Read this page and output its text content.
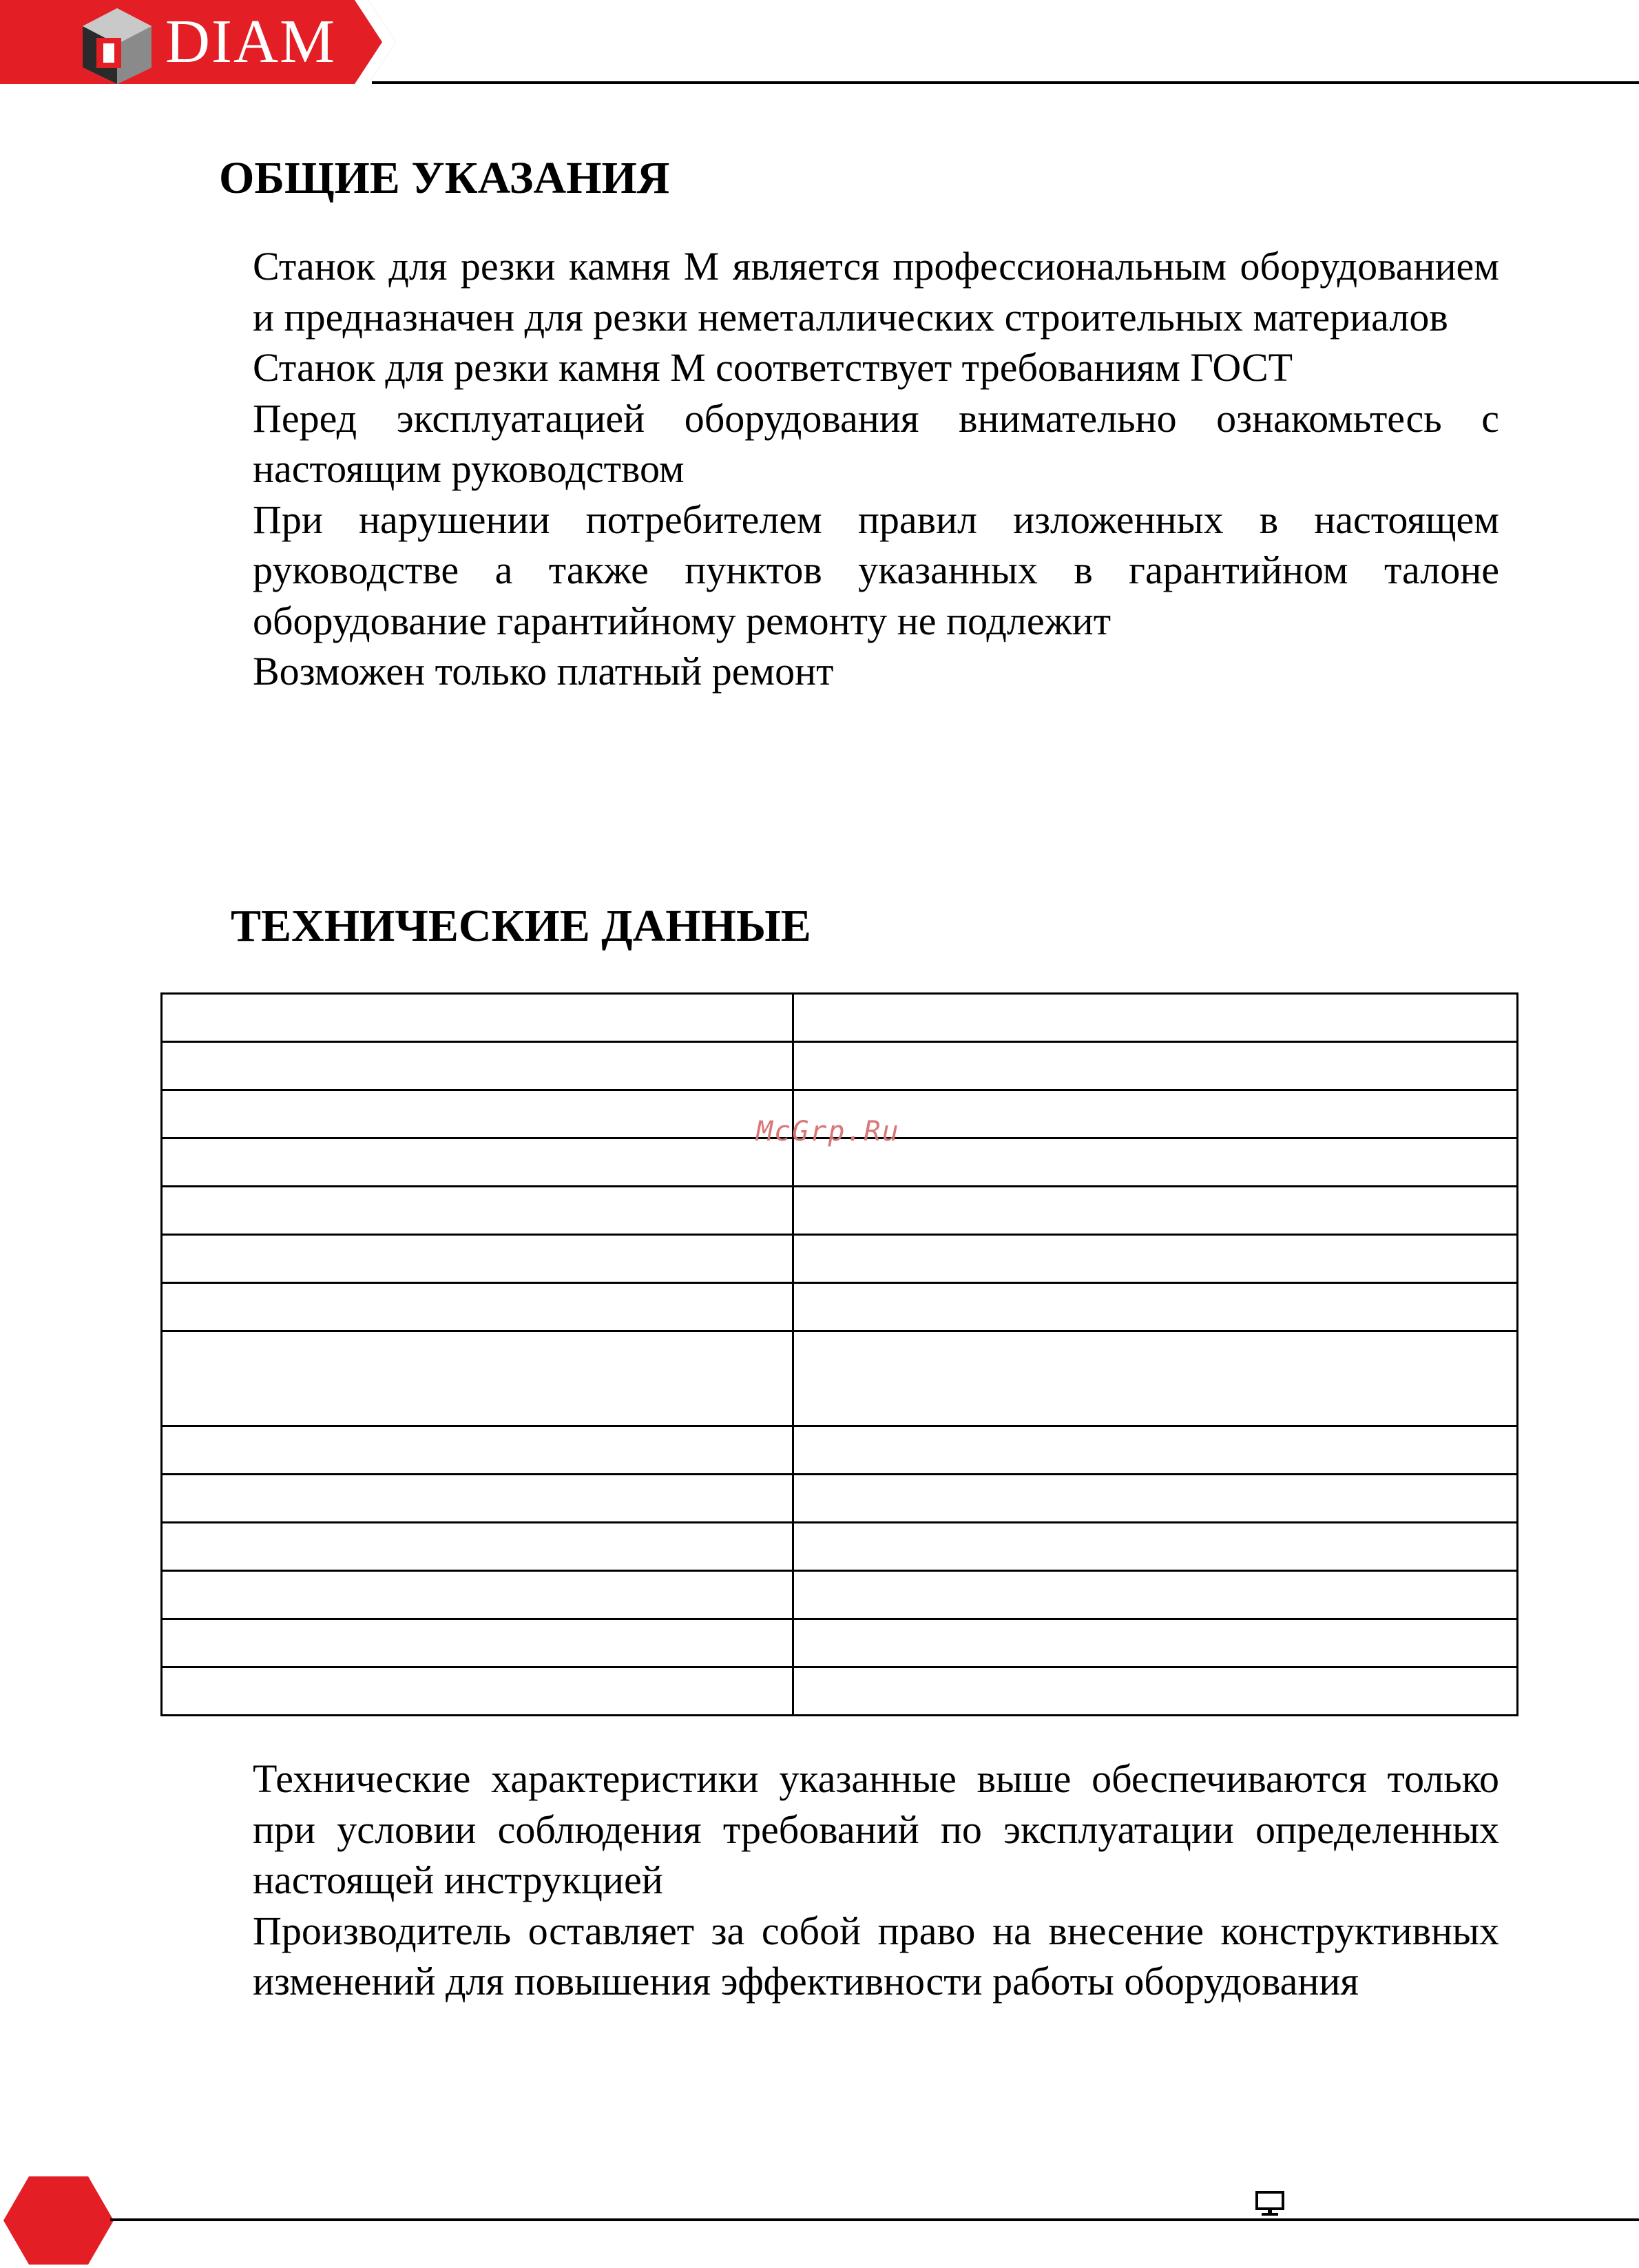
DIAM
ОБЩИЕ УКАЗАНИЯ

Станок для резки камня M является профессиональным оборудованием и предназначен для резки неметаллических строительных материалов

Станок для резки камня M соответствует требованиям ГОСТ

Перед эксплуатацией оборудования внимательно ознакомьтесь с настоящим руководством

При нарушении потребителем правил изложенных в настоящем руководстве а также пунктов указанных в гарантийном талоне оборудование гарантийному ремонту не подлежит

Возможен только платный ремонт

ТЕХНИЧЕСКИЕ ДАННЫЕ

McGrp.Ru

Технические характеристики указанные выше обеспечиваются только при условии соблюдения требований по эксплуатации определенных настоящей инструкцией

Производитель оставляет за собой право на внесение конструктивных изменений для повышения эффективности работы оборудования
